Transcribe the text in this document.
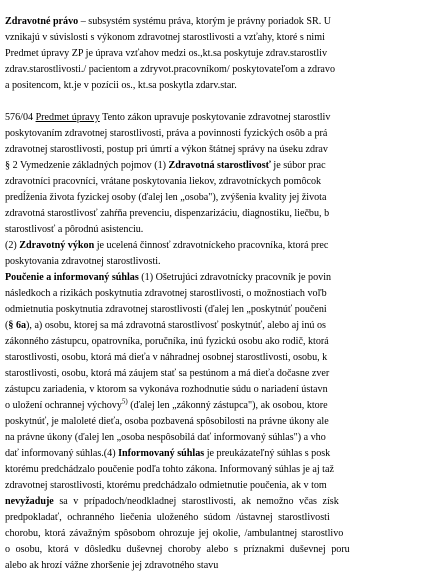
Zdravotné právo – subsystém systému práva, ktorým je právny poriadok SR. U
vznikajú v súvislosti s výkonom zdravotnej starostlivosti a vzťahy, ktoré s nimi
Predmet úpravy ZP je úprava vzťahov medzi os.,kt.sa poskytuje zdrav.starostliv
zdrav.starostlivosti./ pacientom a zdryvot.pracovníkom/ poskytovateľom a zdravo
a positencom, kt.je v pozícii os., kt.sa poskytla zdarv.star.
576/04 Predmet úpravy Tento zákon upravuje poskytovanie zdravotnej starostliv
poskytovaním zdravotnej starostlivosti, práva a povinnosti fyzických osôb a prá
zdravotnej starostlivosti, postup pri úmrtí a výkon štátnej správy na úseku zdrav
§ 2 Vymedzenie základných pojmov (1) Zdravotná starostlivosť je súbor prac
zdravotníci pracovníci, vrátane poskytovania liekov, zdravotníckych pomôcok
predĺženia života fyzickej osoby (ďalej len „osoba"), zvýšenia kvality jej života
zdravotná starostlivosť zahŕňa prevenciu, dispenzarizáciu, diagnostiku, liečbu, b
starostlivosť a pôrodnú asistenciu.
(2) Zdravotný výkon je ucelená činnosť zdravotníckeho pracovníka, ktorá prec
poskytovania zdravotnej starostlivosti.
Poučenie a informovaný súhlas (1) Ošetrujúci zdravotnícky pracovník je povin
následkoch a rizikách poskytnutia zdravotnej starostlivosti, o možnostiach voľb
odmietnutia poskytnutia zdravotnej starostlivosti (ďalej len „poskytnúť poučeni
(§ 6a), a) osobu, ktorej sa má zdravotná starostlivosť poskytnúť, alebo aj inú os
zákonného zástupcu, opatrovníka, poručníka, inú fyzickú osobu ako rodič, ktorá
starostlivosti, osobu, ktorá má dieťa v náhradnej osobnej starostlivosti, osobu, k
starostlivosti, osobu, ktorá má záujem stať sa pestúnom a má dieťa dočasne zver
zástupcu zariadenia, v ktorom sa vykonáva rozhodnutie súdu o nariadení ústavn
o uložení ochrannej výchovy$^{5)}$ (ďalej len „zákonný zástupca"), ak osobou, ktore
poskytnúť, je maloleté dieťa, osoba pozbavená spôsobilosti na právne úkony ale
na právne úkony (ďalej len „osoba nespôsobilá dať informovaný súhlas") a vho
dať informovaný súhlas.(4) Informovaný súhlas je preukázateľný súhlas s posk
ktorému predchádzalo poučenie podľa tohto zákona. Informovaný súhlas je aj taž
zdravotnej starostlivosti, ktorému predchádzalo odmietnutie poučenia, ak v tom
nevyžaduje sa v prípadoch/neodkladnej starostlivosti, ak nemožno včas získ
predpokladať, ochranného liečenia uloženého súdom /ústavnej starostlivosti
chorobu, ktorá závažným spôsobom ohrozuje jej okolie, /ambulantnej starostlivo
o osobu, ktorá v dôsledku duševnej choroby alebo s príznakmi duševnej poru
alebo ak hrozí vážne zhoršenie jej zdravotného stavu
